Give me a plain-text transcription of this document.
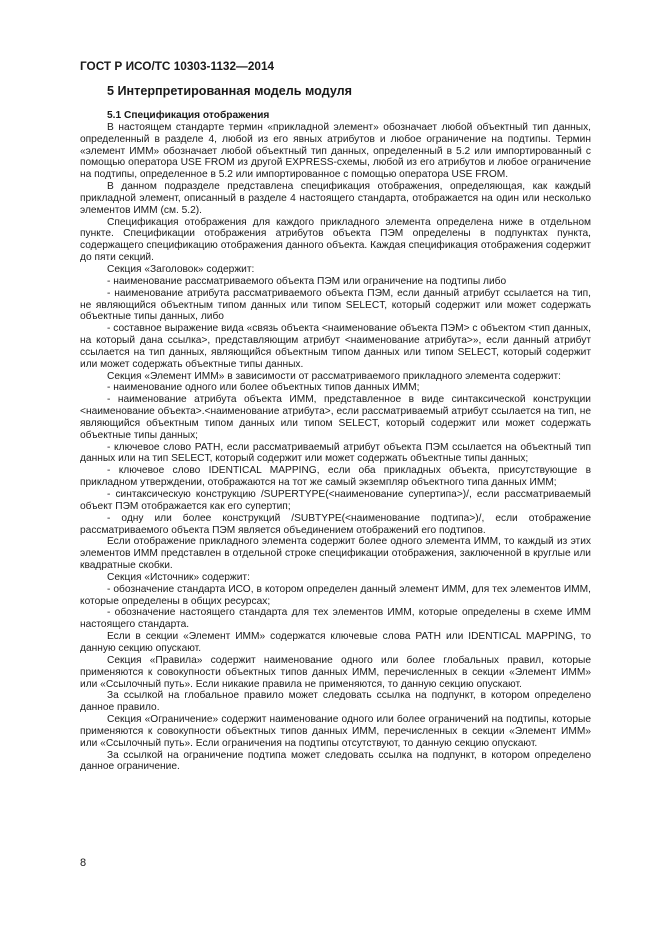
ГОСТ Р ИСО/ТС 10303-1132—2014
5 Интерпретированная модель модуля

5.1 Спецификация отображения

В настоящем стандарте термин «прикладной элемент» обозначает любой объектный тип данных, определенный в разделе 4, любой из его явных атрибутов и любое ограничение на подтипы. Термин «элемент ИММ» обозначает любой объектный тип данных, определенный в 5.2 или импортированный с помощью оператора USE FROM из другой EXPRESS-схемы, любой из его атрибутов и любое ограничение на подтипы, определенное в 5.2 или импортированное с помощью оператора USE FROM.

В данном подразделе представлена спецификация отображения, определяющая, как каждый прикладной элемент, описанный в разделе 4 настоящего стандарта, отображается на один или несколько элементов ИММ (см. 5.2).

Спецификация отображения для каждого прикладного элемента определена ниже в отдельном пункте. Спецификации отображения атрибутов объекта ПЭМ определены в подпунктах пункта, содержащего спецификацию отображения данного объекта. Каждая спецификация отображения содержит до пяти секций.

Секция «Заголовок» содержит:

- наименование рассматриваемого объекта ПЭМ или ограничение на подтипы либо

- наименование атрибута рассматриваемого объекта ПЭМ, если данный атрибут ссылается на тип, не являющийся объектным типом данных или типом SELECT, который содержит или может содержать объектные типы данных, либо

- составное выражение вида «связь объекта <наименование объекта ПЭМ> с объектом <тип данных, на который дана ссылка>, представляющим атрибут <наименование атрибута>», если данный атрибут ссылается на тип данных, являющийся объектным типом данных или типом SELECT, который содержит или может содержать объектные типы данных.

Секция «Элемент ИММ» в зависимости от рассматриваемого прикладного элемента содержит:

- наименование одного или более объектных типов данных ИММ;

- наименование атрибута объекта ИММ, представленное в виде синтаксической конструкции <наименование объекта>.<наименование атрибута>, если рассматриваемый атрибут ссылается на тип, не являющийся объектным типом данных или типом SELECT, который содержит или может содержать объектные типы данных;

- ключевое слово PATH, если рассматриваемый атрибут объекта ПЭМ ссылается на объектный тип данных или на тип SELECT, который содержит или может содержать объектные типы данных;

- ключевое слово IDENTICAL MAPPING, если оба прикладных объекта, присутствующие в прикладном утверждении, отображаются на тот же самый экземпляр объектного типа данных ИММ;

- синтаксическую конструкцию /SUPERTYPE(<наименование супертипа>)/, если рассматриваемый объект ПЭМ отображается как его супертип;

- одну или более конструкций /SUBTYPE(<наименование подтипа>)/, если отображение рассматриваемого объекта ПЭМ является объединением отображений его подтипов.

Если отображение прикладного элемента содержит более одного элемента ИММ, то каждый из этих элементов ИММ представлен в отдельной строке спецификации отображения, заключенной в круглые или квадратные скобки.

Секция «Источник» содержит:

- обозначение стандарта ИСО, в котором определен данный элемент ИММ, для тех элементов ИММ, которые определены в общих ресурсах;

- обозначение настоящего стандарта для тех элементов ИММ, которые определены в схеме ИММ настоящего стандарта.

Если в секции «Элемент ИММ» содержатся ключевые слова PATH или IDENTICAL MAPPING, то данную секцию опускают.

Секция «Правила» содержит наименование одного или более глобальных правил, которые применяются к совокупности объектных типов данных ИММ, перечисленных в секции «Элемент ИММ» или «Ссылочный путь». Если никакие правила не применяются, то данную секцию опускают.

За ссылкой на глобальное правило может следовать ссылка на подпункт, в котором определено данное правило.

Секция «Ограничение» содержит наименование одного или более ограничений на подтипы, которые применяются к совокупности объектных типов данных ИММ, перечисленных в секции «Элемент ИММ» или «Ссылочный путь». Если ограничения на подтипы отсутствуют, то данную секцию опускают.

За ссылкой на ограничение подтипа может следовать ссылка на подпункт, в котором определено данное ограничение.

8
